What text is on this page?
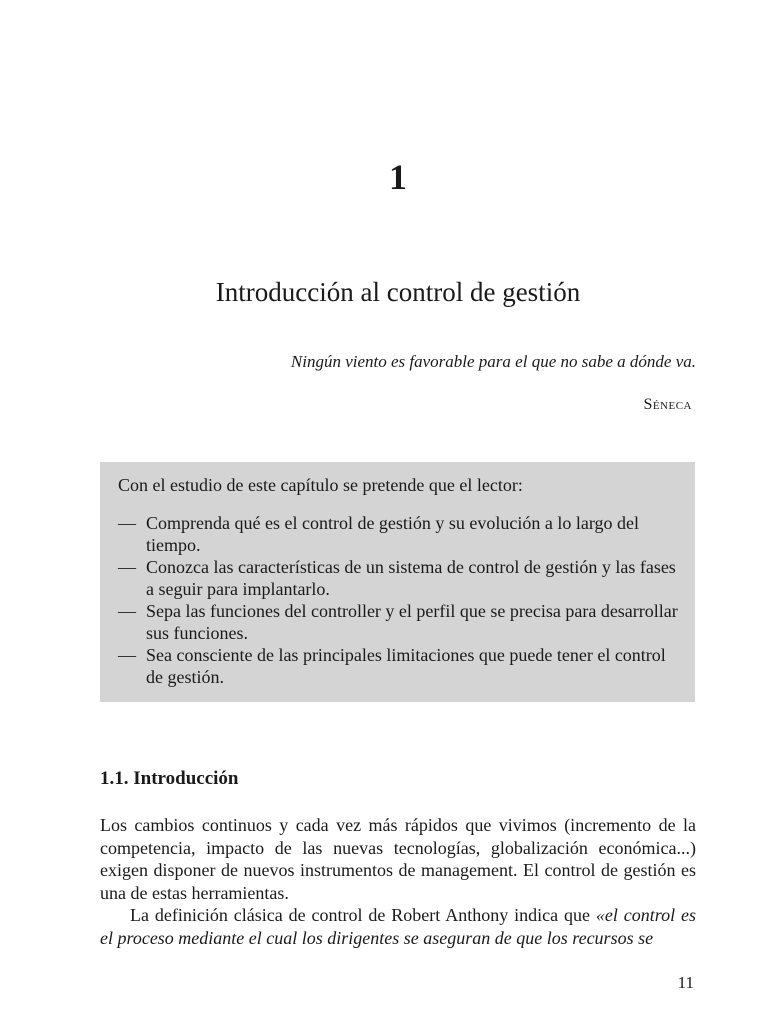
1
Introducción al control de gestión
Ningún viento es favorable para el que no sabe a dónde va.
Séneca

Con el estudio de este capítulo se pretende que el lector:

— Comprenda qué es el control de gestión y su evolución a lo largo del tiempo.
— Conozca las características de un sistema de control de gestión y las fases a seguir para implantarlo.
— Sepa las funciones del controller y el perfil que se precisa para desarrollar sus funciones.
— Sea consciente de las principales limitaciones que puede tener el control de gestión.
1.1. Introducción

Los cambios continuos y cada vez más rápidos que vivimos (incremento de la competencia, impacto de las nuevas tecnologías, globalización económica...) exigen disponer de nuevos instrumentos de management. El control de gestión es una de estas herramientas.

La definición clásica de control de Robert Anthony indica que «el control es el proceso mediante el cual los dirigentes se aseguran de que los recursos se

11
